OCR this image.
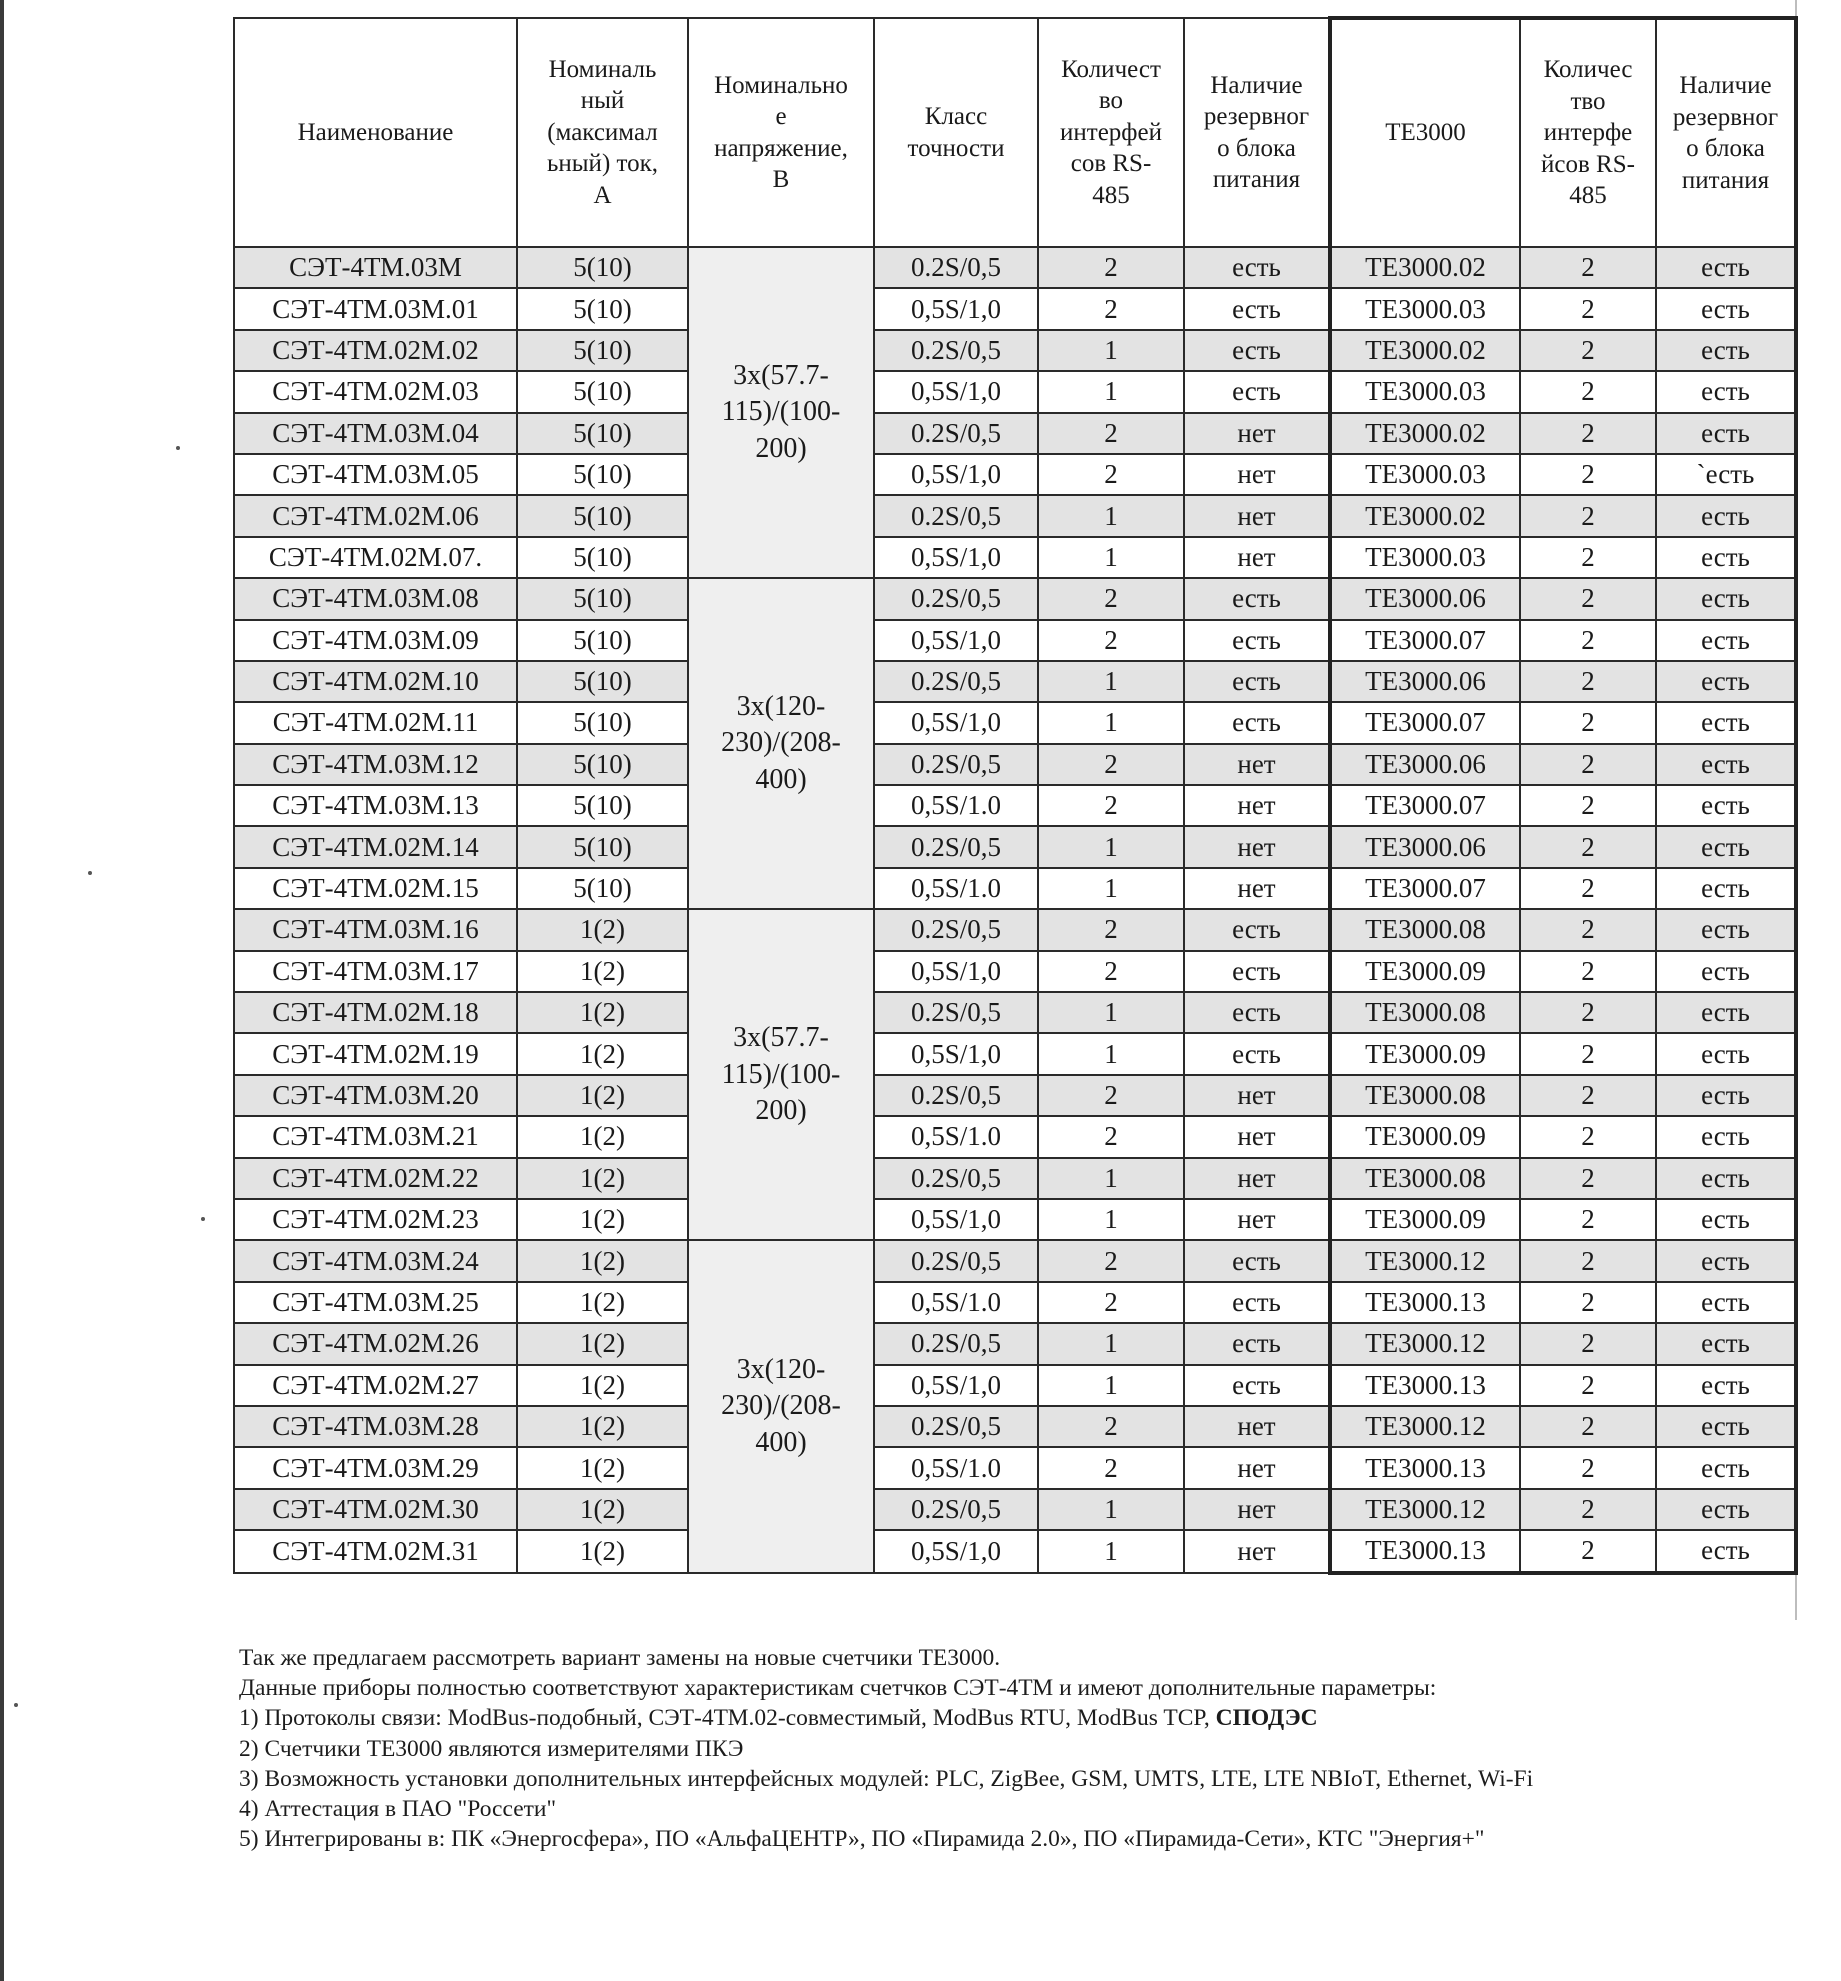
Наименование	Номиналь
ный
(максимал
ьный) ток,
А	Номинально
е
напряжение,
В	Класс
точности	Количест
во
интерфей
сов RS-
485	Наличие
резервног
о блока
питания	ТЕ3000	Количес
тво
интерфе
йсов RS-
485	Наличие
резервног
о блока
питания
СЭТ-4ТМ.03М	5(10)	3х(57.7-
115)/(100-
200)	0.2S/0,5	2	есть	ТЕ3000.02	2	есть
СЭТ-4ТМ.03М.01	5(10)		0,5S/1,0	2	есть	ТЕ3000.03	2	есть
СЭТ-4ТМ.02М.02	5(10)		0.2S/0,5	1	есть	ТЕ3000.02	2	есть
СЭТ-4ТМ.02М.03	5(10)		0,5S/1,0	1	есть	ТЕ3000.03	2	есть
СЭТ-4ТМ.03М.04	5(10)		0.2S/0,5	2	нет	ТЕ3000.02	2	есть
СЭТ-4ТМ.03М.05	5(10)		0,5S/1,0	2	нет	ТЕ3000.03	2	`есть
СЭТ-4ТМ.02М.06	5(10)		0.2S/0,5	1	нет	ТЕ3000.02	2	есть
СЭТ-4ТМ.02М.07.	5(10)		0,5S/1,0	1	нет	ТЕ3000.03	2	есть
СЭТ-4ТМ.03М.08	5(10)	3х(120-
230)/(208-
400)	0.2S/0,5	2	есть	ТЕ3000.06	2	есть
СЭТ-4ТМ.03М.09	5(10)		0,5S/1,0	2	есть	ТЕ3000.07	2	есть
СЭТ-4ТМ.02М.10	5(10)		0.2S/0,5	1	есть	ТЕ3000.06	2	есть
СЭТ-4ТМ.02М.11	5(10)		0,5S/1,0	1	есть	ТЕ3000.07	2	есть
СЭТ-4ТМ.03М.12	5(10)		0.2S/0,5	2	нет	ТЕ3000.06	2	есть
СЭТ-4ТМ.03М.13	5(10)		0,5S/1.0	2	нет	ТЕ3000.07	2	есть
СЭТ-4ТМ.02М.14	5(10)		0.2S/0,5	1	нет	ТЕ3000.06	2	есть
СЭТ-4ТМ.02М.15	5(10)		0,5S/1.0	1	нет	ТЕ3000.07	2	есть
СЭТ-4ТМ.03М.16	1(2)	3х(57.7-
115)/(100-
200)	0.2S/0,5	2	есть	ТЕ3000.08	2	есть
СЭТ-4ТМ.03М.17	1(2)		0,5S/1,0	2	есть	ТЕ3000.09	2	есть
СЭТ-4ТМ.02М.18	1(2)		0.2S/0,5	1	есть	ТЕ3000.08	2	есть
СЭТ-4ТМ.02М.19	1(2)		0,5S/1,0	1	есть	ТЕ3000.09	2	есть
СЭТ-4ТМ.03М.20	1(2)		0.2S/0,5	2	нет	ТЕ3000.08	2	есть
СЭТ-4ТМ.03М.21	1(2)		0,5S/1.0	2	нет	ТЕ3000.09	2	есть
СЭТ-4ТМ.02М.22	1(2)		0.2S/0,5	1	нет	ТЕ3000.08	2	есть
СЭТ-4ТМ.02М.23	1(2)		0,5S/1,0	1	нет	ТЕ3000.09	2	есть
СЭТ-4ТМ.03М.24	1(2)	3х(120-
230)/(208-
400)	0.2S/0,5	2	есть	ТЕ3000.12	2	есть
СЭТ-4ТМ.03М.25	1(2)		0,5S/1.0	2	есть	ТЕ3000.13	2	есть
СЭТ-4ТМ.02М.26	1(2)		0.2S/0,5	1	есть	ТЕ3000.12	2	есть
СЭТ-4ТМ.02М.27	1(2)		0,5S/1,0	1	есть	ТЕ3000.13	2	есть
СЭТ-4ТМ.03М.28	1(2)		0.2S/0,5	2	нет	ТЕ3000.12	2	есть
СЭТ-4ТМ.03М.29	1(2)		0,5S/1.0	2	нет	ТЕ3000.13	2	есть
СЭТ-4ТМ.02М.30	1(2)		0.2S/0,5	1	нет	ТЕ3000.12	2	есть
СЭТ-4ТМ.02М.31	1(2)		0,5S/1,0	1	нет	ТЕ3000.13	2	есть
Так же предлагаем рассмотреть вариант замены на новые счетчики ТЕ3000.
Данные приборы полностью соответствуют характеристикам счетчков СЭТ-4ТМ и имеют дополнительные параметры:
1) Протоколы связи: ModBus-подобный, СЭТ-4ТМ.02-совместимый, ModBus RTU, ModBus TCP, СПОДЭС
2) Счетчики ТЕ3000 являются измерителями ПКЭ
3) Возможность установки дополнительных интерфейсных модулей: PLC, ZigBee, GSM, UMTS, LTE, LTE NBIoT, Ethernet, Wi-Fi
4) Аттестация в ПАО "Россети"
5) Интегрированы в: ПК «Энергосфера», ПО «АльфаЦЕНТР», ПО «Пирамида 2.0», ПО «Пирамида-Сети», КТС "Энергия+"
